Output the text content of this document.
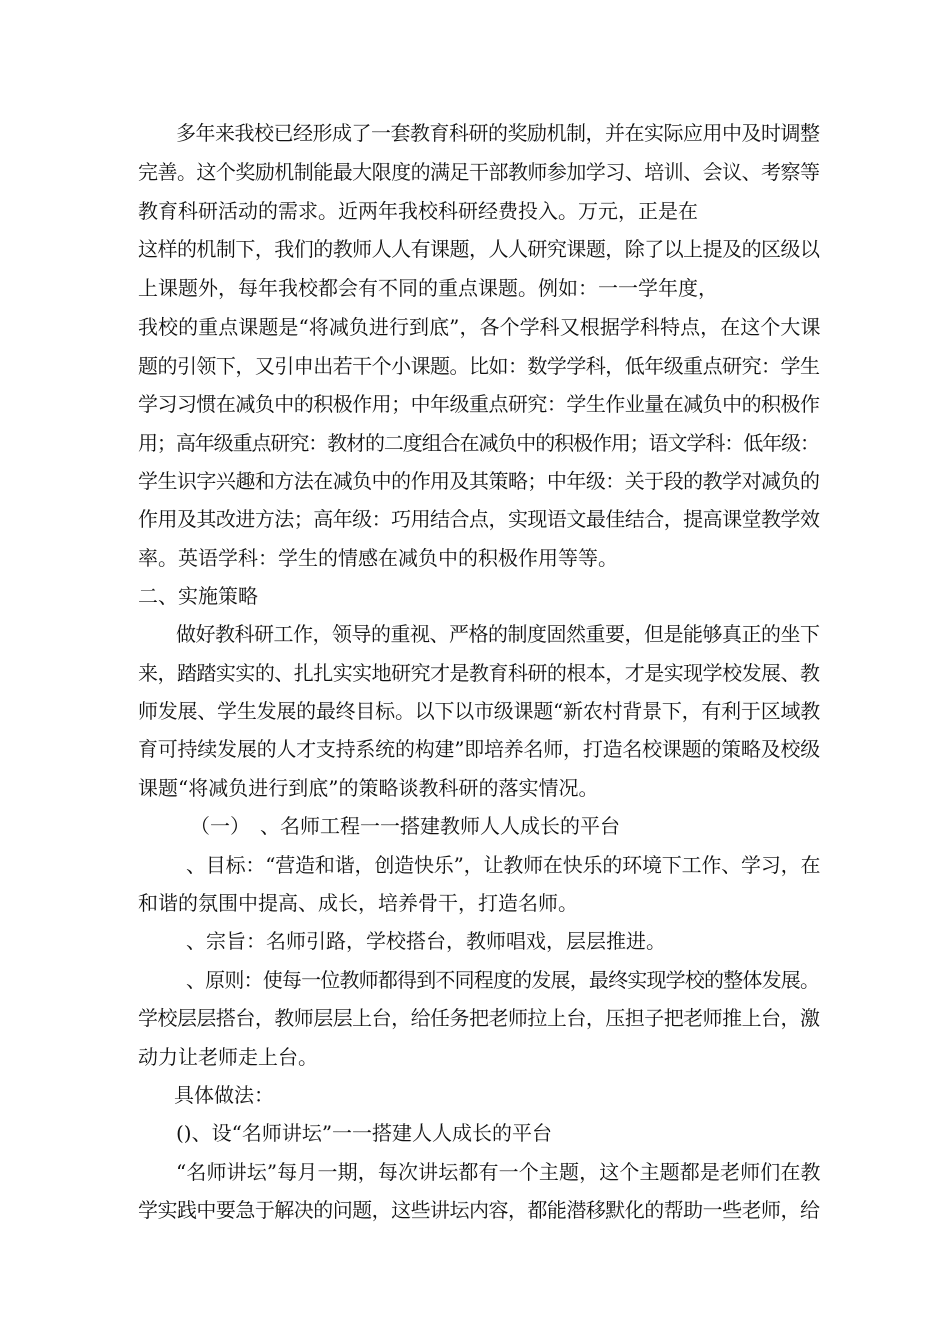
多年来我校已经形成了一套教育科研的奖励机制，并在实际应用中及时调整
完善。这个奖励机制能最大限度的满足干部教师参加学习、培训、会议、考察等
教育科研活动的需求。近两年我校科研经费投入。万元，正是在
这样的机制下，我们的教师人人有课题，人人研究课题，除了以上提及的区级以
上课题外，每年我校都会有不同的重点课题。例如：一一学年度，
我校的重点课题是“将减负进行到底”，各个学科又根据学科特点，在这个大课
题的引领下，又引申出若干个小课题。比如：数学学科，低年级重点研究：学生
学习习惯在减负中的积极作用；中年级重点研究：学生作业量在减负中的积极作
用；高年级重点研究：教材的二度组合在减负中的积极作用；语文学科：低年级：
学生识字兴趣和方法在减负中的作用及其策略；中年级：关于段的教学对减负的
作用及其改进方法；高年级：巧用结合点，实现语文最佳结合，提高课堂教学效
率。英语学科：学生的情感在减负中的积极作用等等。
二、实施策略
做好教科研工作，领导的重视、严格的制度固然重要，但是能够真正的坐下
来，踏踏实实的、扎扎实实地研究才是教育科研的根本，才是实现学校发展、教
师发展、学生发展的最终目标。以下以市级课题“新农村背景下，有利于区域教
育可持续发展的人才支持系统的构建”即培养名师，打造名校课题的策略及校级
课题“将减负进行到底”的策略谈教科研的落实情况。
（一）　、名师工程一一搭建教师人人成长的平台
、目标：“营造和谐，创造快乐”，让教师在快乐的环境下工作、学习，在
和谐的氛围中提高、成长，培养骨干，打造名师。
、宗旨：名师引路，学校搭台，教师唱戏，层层推进。
、原则：使每一位教师都得到不同程度的发展，最终实现学校的整体发展。
学校层层搭台，教师层层上台，给任务把老师拉上台，压担子把老师推上台，激
动力让老师走上台。
具体做法：
()、设“名师讲坛”一一搭建人人成长的平台
“名师讲坛”每月一期，每次讲坛都有一个主题，这个主题都是老师们在教
学实践中要急于解决的问题，这些讲坛内容，都能潜移默化的帮助一些老师，给
